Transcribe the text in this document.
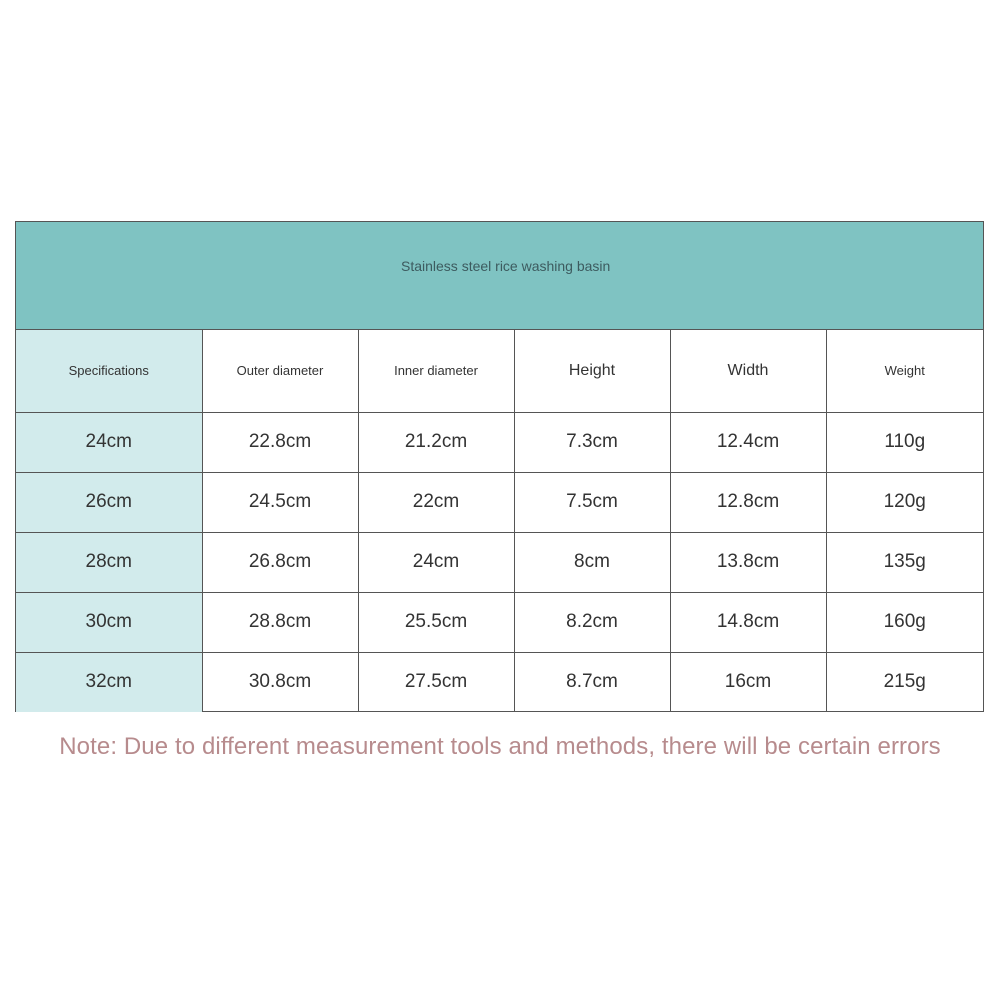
Stainless steel rice washing basin
Specifications	Outer diameter	Inner diameter	Height	Width	Weight
24cm	22.8cm	21.2cm	7.3cm	12.4cm	110g
26cm	24.5cm	22cm	7.5cm	12.8cm	120g
28cm	26.8cm	24cm	8cm	13.8cm	135g
30cm	28.8cm	25.5cm	8.2cm	14.8cm	160g
32cm	30.8cm	27.5cm	8.7cm	16cm	215g
Note: Due to different measurement tools and methods, there will be certain errors
